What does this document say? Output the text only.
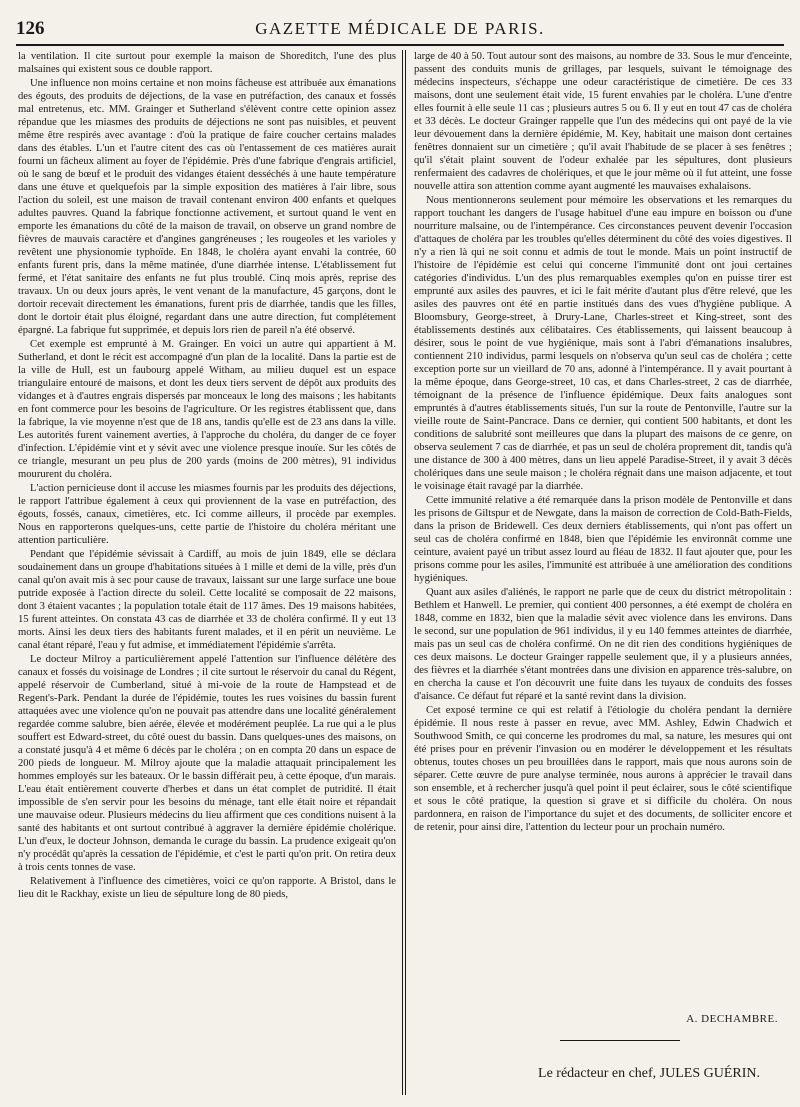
126	GAZETTE MÉDICALE DE PARIS.

la ventilation. Il cite surtout pour exemple la maison de Shoreditch, l'une des plus malsaines qui existent sous ce double rapport.

Une influence non moins certaine et non moins fâcheuse est attribuée aux émanations des égouts, des produits de déjections, de la vase en putréfaction, des canaux et fossés mal entretenus, etc. MM. Grainger et Sutherland s'élèvent contre cette opinion assez répandue que les miasmes des produits de déjections ne sont pas nuisibles, et peuvent même être respirés avec avantage : d'où la pratique de faire coucher certains malades dans des étables. L'un et l'autre citent des cas où l'entassement de ces matières aurait fourni un fâcheux aliment au foyer de l'épidémie. Près d'une fabrique d'engrais artificiel, où le sang de bœuf et le produit des vidanges étaient desséchés à une haute température dans une étuve et quelquefois par la simple exposition des matières à l'air libre, sous l'action du soleil, est une maison de travail contenant environ 400 enfants et quelques adultes pauvres. Quand la fabrique fonctionne activement, et surtout quand le vent en emporte les émanations du côté de la maison de travail, on observe un grand nombre de fièvres de mauvais caractère et d'angines gangréneuses ; les rougeoles et les varioles y revêtent une physionomie typhoïde. En 1848, le choléra ayant envahi la contrée, 60 enfants furent pris, dans la même matinée, d'une diarrhée intense. L'établissement fut fermé, et l'état sanitaire des enfants ne fut plus troublé. Cinq mois après, reprise des travaux. Un ou deux jours après, le vent venant de la manufacture, 45 garçons, dont le dortoir recevait directement les émanations, furent pris de diarrhée, tandis que les filles, dont le dortoir était plus éloigné, regardant dans une autre direction, fut complétement épargné. La fabrique fut supprimée, et depuis lors rien de pareil n'a été observé.

Cet exemple est emprunté à M. Grainger. En voici un autre qui appartient à M. Sutherland, et dont le récit est accompagné d'un plan de la localité. Dans la partie est de la ville de Hull, est un faubourg appelé Witham, au milieu duquel est un espace triangulaire entouré de maisons, et dont les deux tiers servent de dépôt aux produits des vidanges et à d'autres engrais dispersés par monceaux le long des maisons ; les habitants en font commerce pour les besoins de l'agriculture. Or les registres établissent que, dans la fabrique, la vie moyenne n'est que de 18 ans, tandis qu'elle est de 23 ans dans la ville. Les autorités furent vainement averties, à l'approche du choléra, du danger de ce foyer d'infection. L'épidémie vint et y sévit avec une violence presque inouïe. Sur les côtés de ce triangle, mesurant un peu plus de 200 yards (moins de 200 mètres), 91 individus moururent du choléra.

L'action pernicieuse dont il accuse les miasmes fournis par les produits des déjections, le rapport l'attribue également à ceux qui proviennent de la vase en putréfaction, des égouts, fossés, canaux, cimetières, etc. Ici comme ailleurs, il procède par exemples. Nous en rapporterons quelques-uns, cette partie de l'histoire du choléra méritant une attention particulière.

Pendant que l'épidémie sévissait à Cardiff, au mois de juin 1849, elle se déclara soudainement dans un groupe d'habitations situées à 1 mille et demi de la ville, près d'un canal qu'on avait mis à sec pour cause de travaux, laissant sur une large surface une boue putride exposée à l'action directe du soleil. Cette localité se composait de 22 maisons, dont 3 étaient vacantes ; la population totale était de 117 âmes. Des 19 maisons habitées, 15 furent atteintes. On constata 43 cas de diarrhée et 33 de choléra confirmé. Il y eut 13 morts. Ainsi les deux tiers des habitants furent malades, et il en périt un neuvième. Le canal étant réparé, l'eau y fut admise, et immédiatement l'épidémie s'arrêta.

Le docteur Milroy a particulièrement appelé l'attention sur l'influence délétère des canaux et fossés du voisinage de Londres ; il cite surtout le réservoir du canal du Régent, appelé réservoir de Cumberland, situé à mi-voie de la route de Hampstead et de Regent's-Park. Pendant la durée de l'épidémie, toutes les rues voisines du bassin furent attaquées avec une violence qu'on ne pouvait pas attendre dans une localité généralement regardée comme salubre, bien aérée, élevée et modérément peuplée. La rue qui a le plus souffert est Edward-street, du côté ouest du bassin. Dans quelques-unes des maisons, on a constaté jusqu'à 4 et même 6 décès par le choléra ; on en compta 20 dans un espace de 200 pieds de longueur. M. Milroy ajoute que la maladie attaquait principalement les hommes employés sur les bateaux. Or le bassin différait peu, à cette époque, d'un marais. L'eau était entièrement couverte d'herbes et dans un état complet de putridité. Il était impossible de s'en servir pour les besoins du ménage, tant elle était noire et répandait une mauvaise odeur. Plusieurs médecins du lieu affirment que ces conditions nuisent à la santé des habitants et ont surtout contribué à aggraver la dernière épidémie cholérique. L'un d'eux, le docteur Johnson, demanda le curage du bassin. La prudence exigeait qu'on n'y procédât qu'après la cessation de l'épidémie, et c'est le parti qu'on prit. On retira deux à trois cents tonnes de vase.

Relativement à l'influence des cimetières, voici ce qu'on rapporte. A Bristol, dans le lieu dit le Rackhay, existe un lieu de sépulture long de 80 pieds,

large de 40 à 50. Tout autour sont des maisons, au nombre de 33. Sous le mur d'enceinte, passent des conduits munis de grillages, par lesquels, suivant le témoignage des médecins inspecteurs, s'échappe une odeur caractéristique de cimetière. De ces 33 maisons, dont une seulement était vide, 15 furent envahies par le choléra. L'une d'entre elles fournit à elle seule 11 cas ; plusieurs autres 5 ou 6. Il y eut en tout 47 cas de choléra et 33 décès. Le docteur Grainger rappelle que l'un des médecins qui ont payé de la vie leur dévouement dans la dernière épidémie, M. Key, habitait une maison dont certaines fenêtres donnaient sur un cimetière ; qu'il avait l'habitude de se placer à ses fenêtres ; qu'il s'était plaint souvent de l'odeur exhalée par les sépultures, dont plusieurs renfermaient des cadavres de cholériques, et que le jour même où il fut atteint, une fosse nouvelle attira son attention comme ayant augmenté les mauvaises exhalaisons.

Nous mentionnerons seulement pour mémoire les observations et les remarques du rapport touchant les dangers de l'usage habituel d'une eau impure en boisson ou d'une nourriture malsaine, ou de l'intempérance. Ces circonstances peuvent devenir l'occasion d'attaques de choléra par les troubles qu'elles déterminent du côté des voies digestives. Il n'y a rien là qui ne soit connu et admis de tout le monde. Mais un point instructif de l'histoire de l'épidémie est celui qui concerne l'immunité dont ont joui certaines catégories d'individus. L'un des plus remarquables exemples qu'on en puisse tirer est emprunté aux asiles des pauvres, et ici le fait mérite d'autant plus d'être relevé, que les asiles des pauvres ont été en partie institués dans des vues d'hygiène publique. A Bloomsbury, George-street, à Drury-Lane, Charles-street et King-street, sont des établissements destinés aux célibataires. Ces établissements, qui laissent beaucoup à désirer, sous le point de vue hygiénique, mais sont à l'abri d'émanations insalubres, contiennent 210 individus, parmi lesquels on n'observa qu'un seul cas de choléra ; cette exception porte sur un vieillard de 70 ans, adonné à l'intempérance. Il y avait pourtant à la même époque, dans George-street, 10 cas, et dans Charles-street, 2 cas de diarrhée, témoignant de la présence de l'influence épidémique. Deux faits analogues sont empruntés à d'autres établissements situés, l'un sur la route de Pentonville, l'autre sur la vieille route de Saint-Pancrace. Dans ce dernier, qui contient 500 habitants, et dont les conditions de salubrité sont meilleures que dans la plupart des maisons de ce genre, on observa seulement 7 cas de diarrhée, et pas un seul de choléra proprement dit, tandis qu'à une distance de 300 à 400 mètres, dans un lieu appelé Paradise-Street, il y avait 3 décès cholériques dans une seule maison ; le choléra régnait dans une maison adjacente, et tout le voisinage était ravagé par la diarrhée.

Cette immunité relative a été remarquée dans la prison modèle de Pentonville et dans les prisons de Giltspur et de Newgate, dans la maison de correction de Cold-Bath-Fields, dans la prison de Bridewell. Ces deux derniers établissements, qui n'ont pas offert un seul cas de choléra confirmé en 1848, bien que l'épidémie les environnât comme une ceinture, avaient payé un tribut assez lourd au fléau de 1832. Il faut ajouter que, pour les prisons comme pour les asiles, l'immunité est attribuée à une amélioration des conditions hygiéniques.

Quant aux asiles d'aliénés, le rapport ne parle que de ceux du district métropolitain : Bethlem et Hanwell. Le premier, qui contient 400 personnes, a été exempt de choléra en 1848, comme en 1832, bien que la maladie sévit avec violence dans les environs. Dans le second, sur une population de 961 individus, il y eu 140 femmes atteintes de diarrhée, mais pas un seul cas de choléra confirmé. On ne dit rien des conditions hygiéniques de ces deux maisons. Le docteur Grainger rappelle seulement que, il y a plusieurs années, des fièvres et la diarrhée s'étant montrées dans une division en apparence très-salubre, on en chercha la cause et l'on découvrit une fuite dans les tuyaux de conduits des fosses d'aisance. Ce défaut fut réparé et la santé revint dans la division.

Cet exposé termine ce qui est relatif à l'étiologie du choléra pendant la dernière épidémie. Il nous reste à passer en revue, avec MM. Ashley, Edwin Chadwich et Southwood Smith, ce qui concerne les prodromes du mal, sa nature, les mesures qui ont été prises pour en prévenir l'invasion ou en modérer le développement et les résultats obtenus, toutes choses un peu brouillées dans le rapport, mais que nous aurons soin de séparer. Cette œuvre de pure analyse terminée, nous aurons à apprécier le travail dans son ensemble, et à rechercher jusqu'à quel point il peut éclairer, sous le côté scientifique et sous le côté pratique, la question si grave et si difficile du choléra. On nous pardonnera, en raison de l'importance du sujet et des documents, de solliciter encore et de retenir, pour ainsi dire, l'attention du lecteur pour un prochain numéro.

A. DECHAMBRE.
Le rédacteur en chef, JULES GUÉRIN.
